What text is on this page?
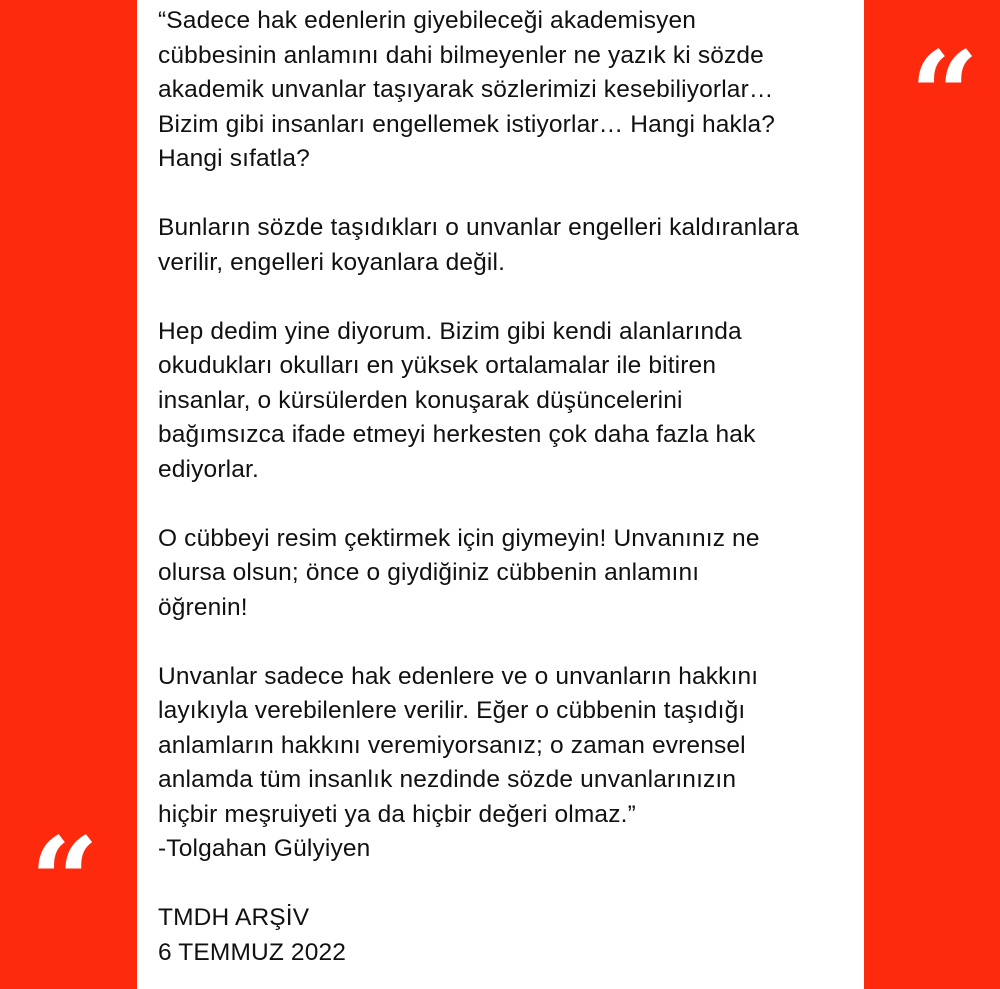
“
“

“Sadece hak edenlerin giyebileceği akademisyen
cübbesinin anlamını dahi bilmeyenler ne yazık ki sözde
akademik unvanlar taşıyarak sözlerimizi kesebiliyorlar…
Bizim gibi insanları engellemek istiyorlar… Hangi hakla?
Hangi sıfatla?

Bunların sözde taşıdıkları o unvanlar engelleri kaldıranlara
verilir, engelleri koyanlara değil.

Hep dedim yine diyorum. Bizim gibi kendi alanlarında
okudukları okulları en yüksek ortalamalar ile bitiren
insanlar, o kürsülerden konuşarak düşüncelerini
bağımsızca ifade etmeyi herkesten çok daha fazla hak
ediyorlar.

O cübbeyi resim çektirmek için giymeyin! Unvanınız ne
olursa olsun; önce o giydiğiniz cübbenin anlamını
öğrenin!

Unvanlar sadece hak edenlere ve o unvanların hakkını
layıkıyla verebilenlere verilir. Eğer o cübbenin taşıdığı
anlamların hakkını veremiyorsanız; o zaman evrensel
anlamda tüm insanlık nezdinde sözde unvanlarınızın
hiçbir meşruiyeti ya da hiçbir değeri olmaz.”
-Tolgahan Gülyiyen

TMDH ARŞİV
6 TEMMUZ 2022
